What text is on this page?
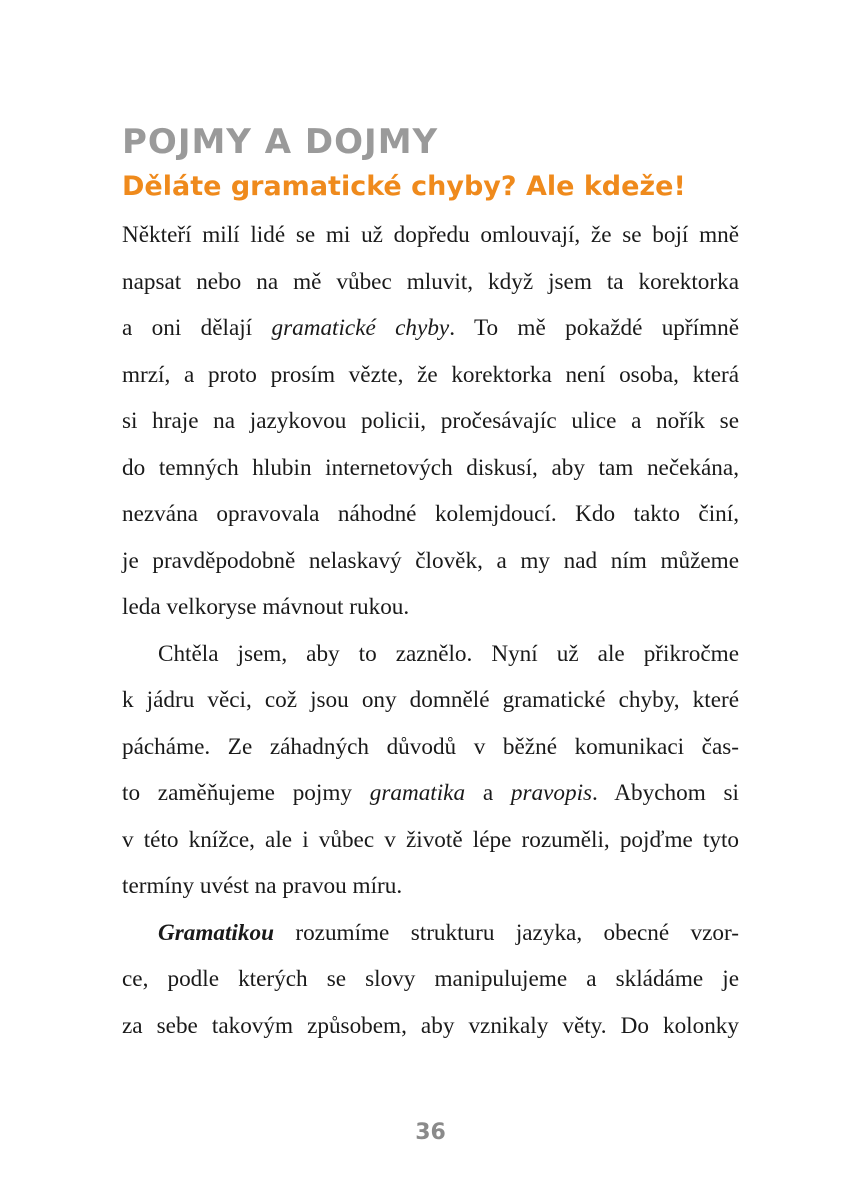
POJMY A DOJMY
Děláte gramatické chyby? Ale kdeže!
Někteří milí lidé se mi už dopředu omlouvají, že se bojí mně
napsat nebo na mě vůbec mluvit, když jsem ta korektorka
a oni dělají gramatické chyby. To mě pokaždé upřímně
mrzí, a proto prosím vězte, že korektorka není osoba, která
si hraje na jazykovou policii, pročesávajíc ulice a nořík se
do temných hlubin internetových diskusí, aby tam nečekána,
nezvána opravovala náhodné kolemjdoucí. Kdo takto činí,
je pravděpodobně nelaskavý člověk, a my nad ním můžeme
leda velkoryse mávnout rukou.
Chtěla jsem, aby to zaznělo. Nyní už ale přikročme
k jádru věci, což jsou ony domnělé gramatické chyby, které
pácháme. Ze záhadných důvodů v běžné komunikaci čas-
to zaměňujeme pojmy gramatika a pravopis. Abychom si
v této knížce, ale i vůbec v životě lépe rozuměli, pojďme tyto
termíny uvést na pravou míru.
Gramatikou rozumíme strukturu jazyka, obecné vzor-
ce, podle kterých se slovy manipulujeme a skládáme je
za sebe takovým způsobem, aby vznikaly věty. Do kolonky
36
